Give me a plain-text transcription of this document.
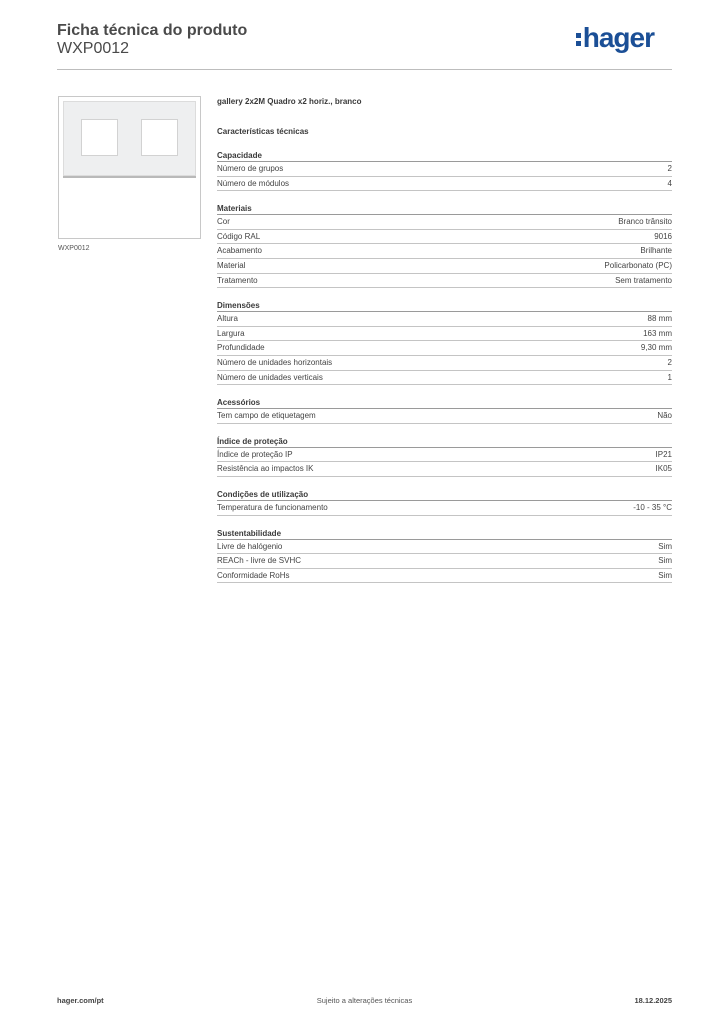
Ficha técnica do produto
WXP0012	hager
WXP0012
gallery 2x2M Quadro x2 horiz., branco
Características técnicas
Capacidade
Número de grupos	2
Número de módulos	4
Materiais
Cor	Branco trânsito
Código RAL	9016
Acabamento	Brilhante
Material	Policarbonato (PC)
Tratamento	Sem tratamento
Dimensões
Altura	88 mm
Largura	163 mm
Profundidade	9,30 mm
Número de unidades horizontais	2
Número de unidades verticais	1
Acessórios
Tem campo de etiquetagem	Não
Índice de proteção
Índice de proteção IP	IP21
Resistência ao impactos IK	IK05
Condições de utilização
Temperatura de funcionamento	-10 - 35 °C
Sustentabilidade
Livre de halógenio	Sim
REACh - livre de SVHC	Sim
Conformidade RoHs	Sim
hager.com/pt	Sujeito a alterações técnicas	18.12.2025
